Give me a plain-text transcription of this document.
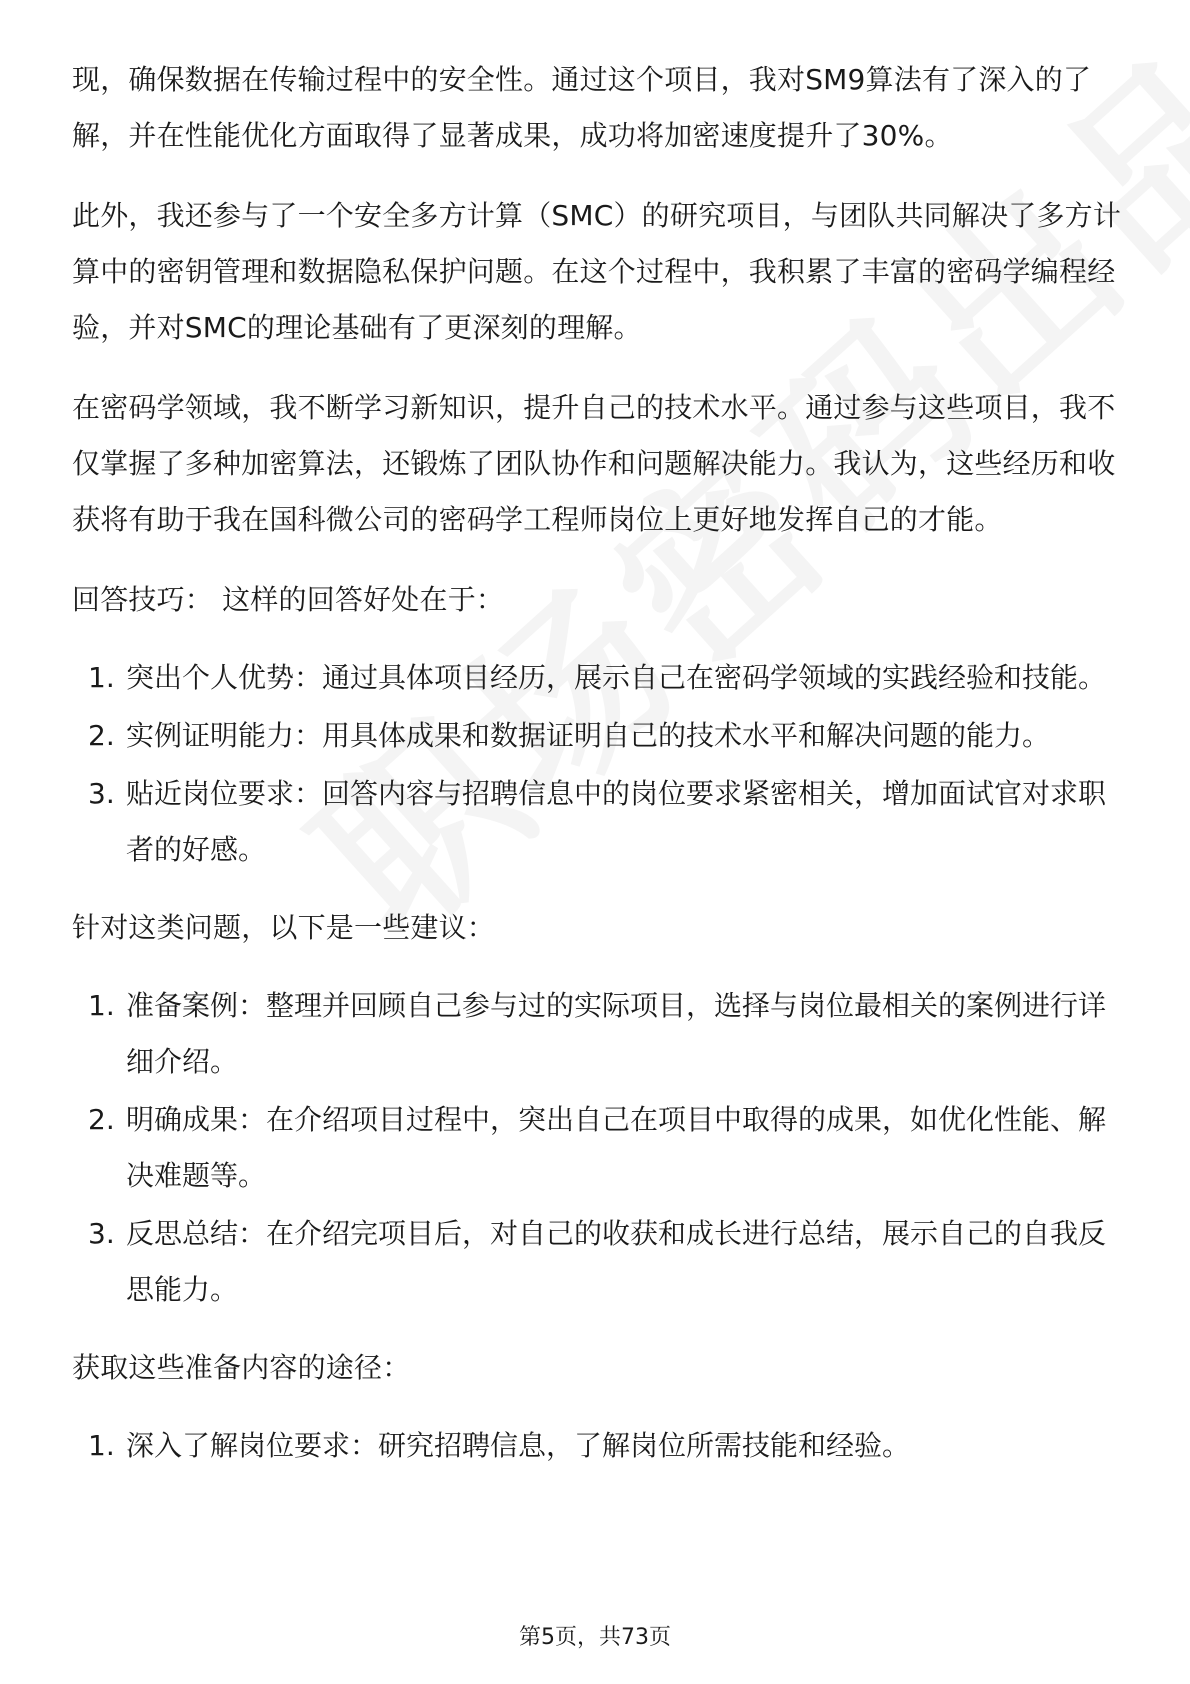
现，确保数据在传输过程中的安全性。通过这个项目，我对SM9算法有了深入的了解，并在性能优化方面取得了显著成果，成功将加密速度提升了30%。

此外，我还参与了一个安全多方计算（SMC）的研究项目，与团队共同解决了多方计算中的密钥管理和数据隐私保护问题。在这个过程中，我积累了丰富的密码学编程经验，并对SMC的理论基础有了更深刻的理解。

在密码学领域，我不断学习新知识，提升自己的技术水平。通过参与这些项目，我不仅掌握了多种加密算法，还锻炼了团队协作和问题解决能力。我认为，这些经历和收获将有助于我在国科微公司的密码学工程师岗位上更好地发挥自己的才能。

回答技巧： 这样的回答好处在于：

1. 突出个人优势：通过具体项目经历，展示自己在密码学领域的实践经验和技能。
2. 实例证明能力：用具体成果和数据证明自己的技术水平和解决问题的能力。
3. 贴近岗位要求：回答内容与招聘信息中的岗位要求紧密相关，增加面试官对求职者的好感。

针对这类问题，以下是一些建议：

1. 准备案例：整理并回顾自己参与过的实际项目，选择与岗位最相关的案例进行详细介绍。
2. 明确成果：在介绍项目过程中，突出自己在项目中取得的成果，如优化性能、解决难题等。
3. 反思总结：在介绍完项目后，对自己的收获和成长进行总结，展示自己的自我反思能力。

获取这些准备内容的途径：

1. 深入了解岗位要求：研究招聘信息，了解岗位所需技能和经验。
第5页，共73页
